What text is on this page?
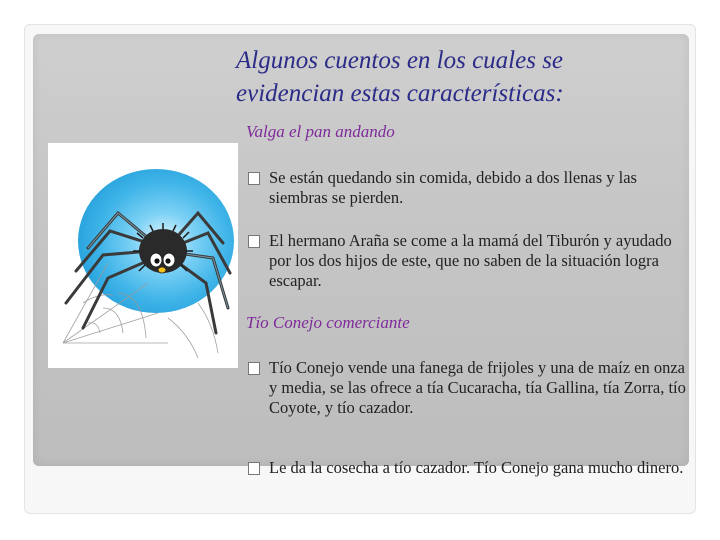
Algunos cuentos en los cuales se
evidencian estas características:
Valga el pan andando
Se están quedando sin comida, debido a dos llenas y las siembras se pierden.
El hermano Araña se come a la mamá del Tiburón y ayudado por los dos hijos de este, que no saben de la situación logra escapar.
Tío Conejo comerciante
Tío Conejo vende una fanega de frijoles y una de maíz en onza y media, se las ofrece a tía Cucaracha, tía Gallina, tía Zorra, tío Coyote, y tío cazador.
Le da la cosecha a tío cazador. Tío Conejo gana mucho dinero.
